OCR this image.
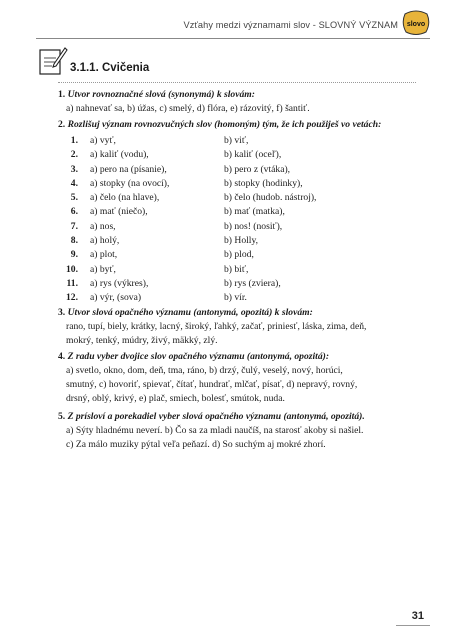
Vzťahy medzi významami slov - SLOVNÝ VÝZNAM slovo
3.1.1. Cvičenia
1. Utvor rovnoznačné slová (synonymá) k slovám:
a) nahnevať sa, b) úžas, c) smelý, d) flóra, e) rázovitý, f) šantiť.
2. Rozlišuj význam rovnozvučných slov (homoným) tým, že ich použiješ vo vetách:
1. a) vyť,	b) viť,
2. a) kaliť (vodu),	b) kaliť (oceľ),
3. a) pero na (písanie),	b) pero z (vtáka),
4. a) stopky (na ovocí),	b) stopky (hodinky),
5. a) čelo (na hlave),	b) čelo (hudob. nástroj),
6. a) mať (niečo),	b) mať (matka),
7. a) nos,	b) nos! (nosiť),
8. a) holý,	b) Holly,
9. a) plot,	b) plod,
10. a) byť,	b) biť,
11. a) rys (výkres),	b) rys (zviera),
12. a) výr, (sova)	b) vír.
3. Utvor slová opačného významu (antonymá, opozitá) k slovám:
rano, tupí, biely, krátky, lacný, široký, ľahký, začať, priniesť, láska, zima, deň,
mokrý, tenký, múdry, živý, mäkký, zlý.
4. Z radu vyber dvojice slov opačného významu (antonymá, opozitá):
a) svetlo, okno, dom, deň, tma, ráno, b) drzý, čulý, veselý, nový, horúci,
smutný, c) hovoriť, spievať, čítať, hundrať, mlčať, písať, d) nepravý, rovný,
drsný, oblý, krivý, e) plač, smiech, bolesť, smútok, nuda.
5. Z prísloví a porekadiel vyber slová opačného významu (antonymá, opozitá).
a) Sýty hladnému neverí. b) Čo sa za mladi naučíš, na starosť akoby si našiel.
c) Za málo muziky pýtal veľa peňazí. d) So suchým aj mokré zhorí.
31
